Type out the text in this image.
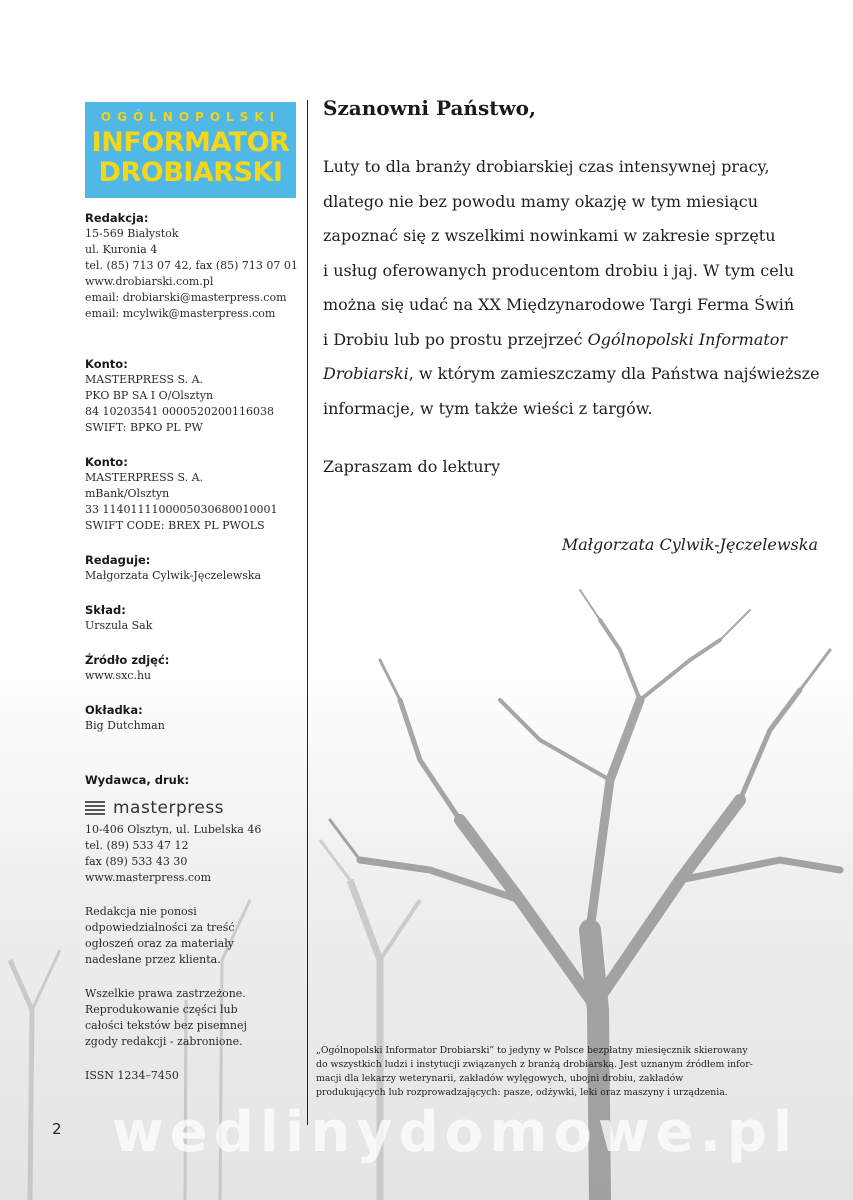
OGÓLNOPOLSKI
INFORMATOR
DROBIARSKI
Redakcja:
15-569 Białystok
ul. Kuronia 4
tel. (85) 713 07 42, fax (85) 713 07 01
www.drobiarski.com.pl
email: drobiarski@masterpress.com
email: mcylwik@masterpress.com
Konto:
MASTERPRESS S. A.
PKO BP SA I O/Olsztyn
84 10203541 0000520200116038
SWIFT: BPKO PL PW
Konto:
MASTERPRESS S. A.
mBank/Olsztyn
33 1140111100005030680010001
SWIFT CODE: BREX PL PWOLS
Redaguje:
Małgorzata Cylwik-Jęczelewska
Skład:
Urszula Sak
Źródło zdjęć:
www.sxc.hu
Okładka:
Big Dutchman
Wydawca, druk:
masterpress
10-406 Olsztyn, ul. Lubelska 46
tel. (89) 533 47 12
fax (89) 533 43 30
www.masterpress.com
Redakcja nie ponosi
odpowiedzialności za treść
ogłoszeń oraz za materiały
nadesłane przez klienta.
Wszelkie prawa zastrzeżone.
Reprodukowanie części lub
całości tekstów bez pisemnej
zgody redakcji - zabronione.
ISSN 1234–7450
Szanowni Państwo,

Luty to dla branży drobiarskiej czas intensywnej pracy,

dlatego nie bez powodu mamy okazję w tym miesiącu

zapoznać się z wszelkimi nowinkami w zakresie sprzętu

i usług oferowanych producentom drobiu i jaj. W tym celu

można się udać na XX Międzynarodowe Targi Ferma Świń

i Drobiu lub po prostu przejrzeć Ogólnopolski Informator

Drobiarski, w którym zamieszczamy dla Państwa najświeższe

informacje, w tym także wieści z targów.

Zapraszam do lektury
Małgorzata Cylwik-Jęczelewska

„Ogólnopolski Informator Drobiarski” to jedyny w Polsce bezpłatny miesięcznik skierowany

do wszystkich ludzi i instytucji związanych z branżą drobiarską. Jest uznanym źródłem infor-

macji dla lekarzy weterynarii, zakładów wylęgowych, ubojni drobiu, zakładów

produkujących lub rozprowadzających: pasze, odżywki, leki oraz maszyny i urządzenia.

wedlinydomowe.pl
2
